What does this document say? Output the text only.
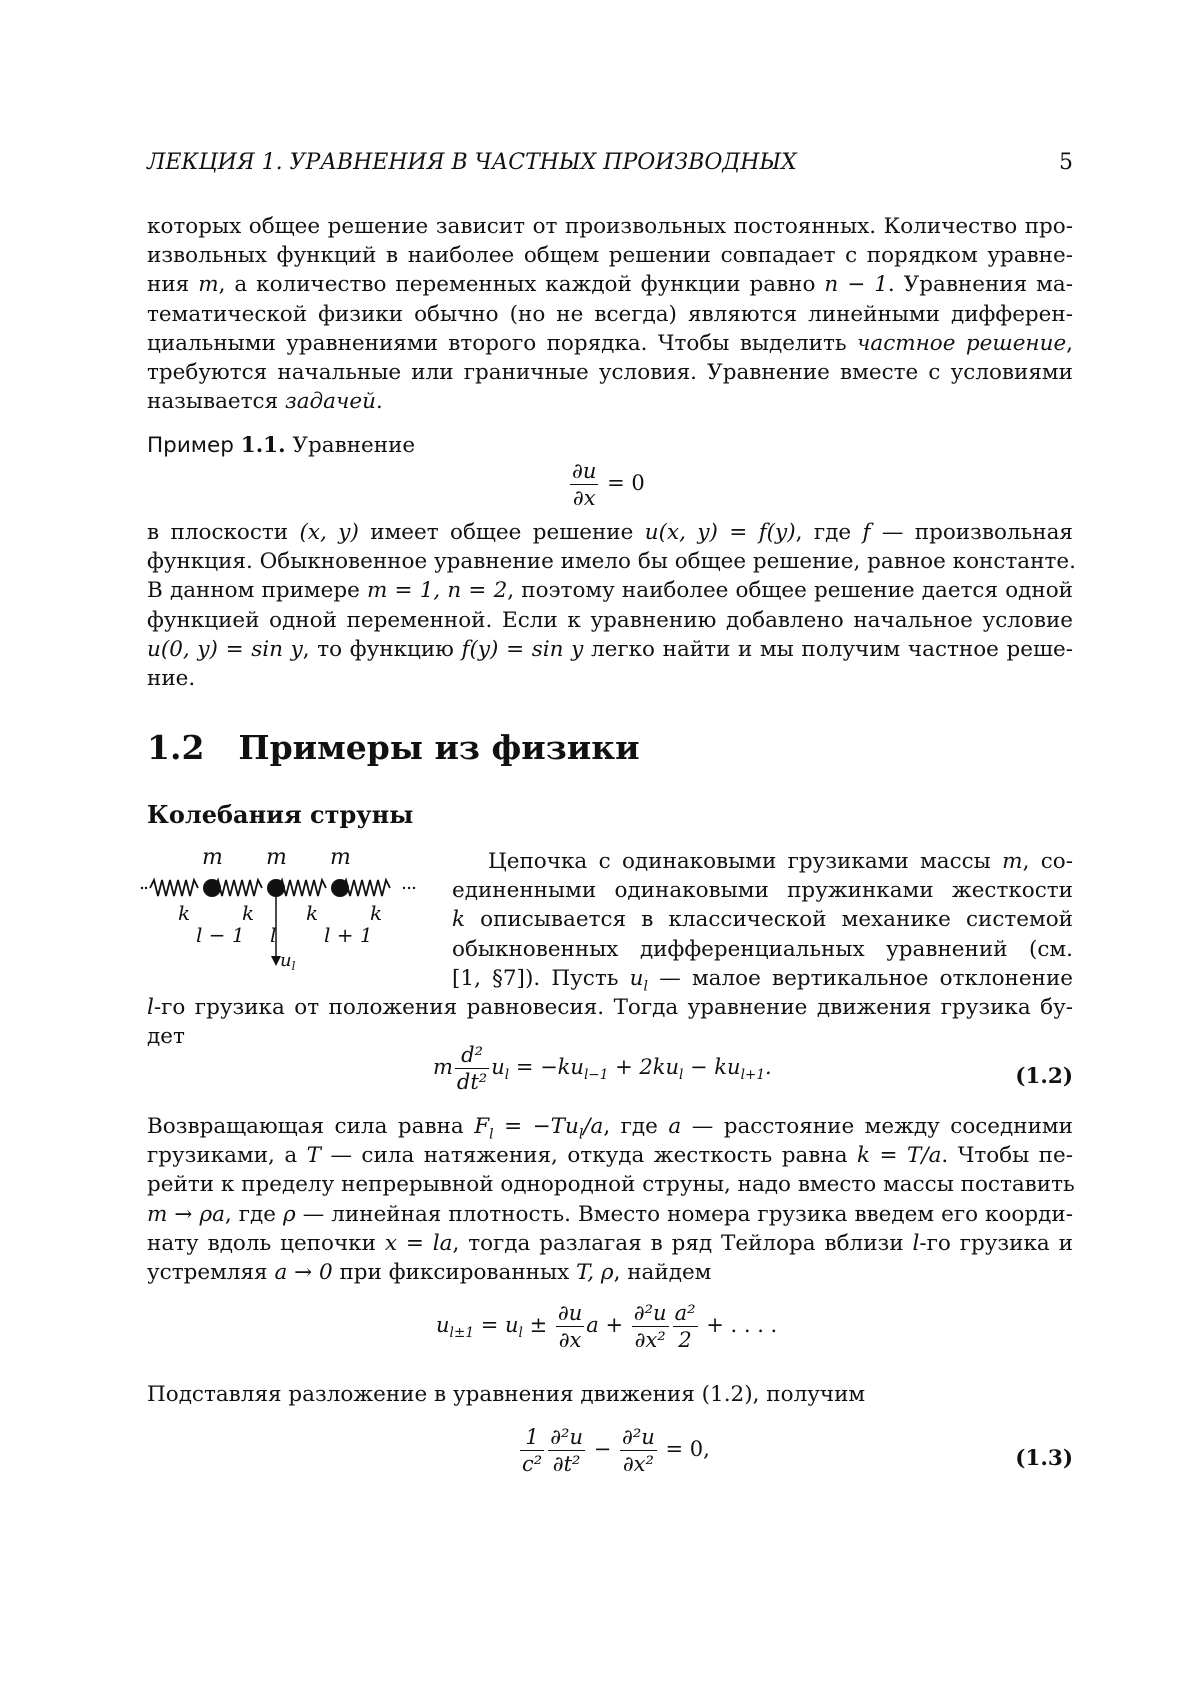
ЛЕКЦИЯ 1. УРАВНЕНИЯ В ЧАСТНЫХ ПРОИЗВОДНЫХ	5
которых общее решение зависит от произвольных постоянных. Количество про-
извольных функций в наиболее общем решении совпадает с порядком уравне-
ния m, а количество переменных каждой функции равно n − 1. Уравнения ма-
тематической физики обычно (но не всегда) являются линейными дифферен-
циальными уравнениями второго порядка. Чтобы выделить частное решение,
требуются начальные или граничные условия. Уравнение вместе с условиями
называется задачей.
Пример 1.1. Уравнение
∂u
∂x
= 0
в плоскости (x, y) имеет общее решение u(x, y) = f(y), где f — произвольная
функция. Обыкновенное уравнение имело бы общее решение, равное константе.
В данном примере m = 1, n = 2, поэтому наиболее общее решение дается одной
функцией одной переменной. Если к уравнению добавлено начальное условие
u(0, y) = sin y, то функцию f(y) = sin y легко найти и мы получим частное реше-
ние.
1.2 Примеры из физики
Колебания струны
m m m
k	k	k	k
l − 1 l l + 1
ul
Цепочка с одинаковыми грузиками массы m, со-
единенными одинаковыми пружинками жесткости
k описывается в классической механике системой
обыкновенных дифференциальных уравнений (см.
[1, §7]). Пусть ul — малое вертикальное отклонение
l-го грузика от положения равновесия. Тогда уравнение движения грузика бу-
дет
m d²
dt²
ul = −kul−1 + 2kul − kul+1.	(1.2)
Возвращающая сила равна Fl = −Tul/a, где a — расстояние между соседними
грузиками, а T — сила натяжения, откуда жесткость равна k = T/a. Чтобы пе-
рейти к пределу непрерывной однородной струны, надо вместо массы поставить
m → ρa, где ρ — линейная плотность. Вместо номера грузика введем его коорди-
нату вдоль цепочки x = la, тогда разлагая в ряд Тейлора вблизи l-го грузика и
устремляя a → 0 при фиксированных T, ρ, найдем
ul±1 = ul ± ∂u
∂x
a + ∂²u
∂x²
a²
2
+ . . . .
Подставляя разложение в уравнения движения (1.2), получим
1
c²
∂²u
∂t²
− ∂²u
∂x²
= 0,	(1.3)
